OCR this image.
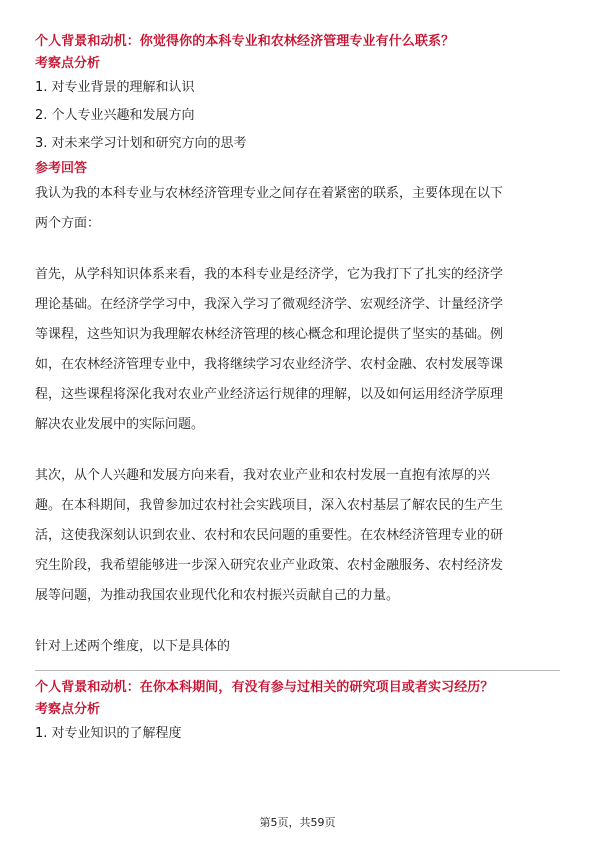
个人背景和动机：你觉得你的本科专业和农林经济管理专业有什么联系？
考察点分析
1. 对专业背景的理解和认识
2. 个人专业兴趣和发展方向
3. 对未来学习计划和研究方向的思考
参考回答

我认为我的本科专业与农林经济管理专业之间存在着紧密的联系，主要体现在以下
两个方面：

首先，从学科知识体系来看，我的本科专业是经济学，它为我打下了扎实的经济学
理论基础。在经济学学习中，我深入学习了微观经济学、宏观经济学、计量经济学
等课程，这些知识为我理解农林经济管理的核心概念和理论提供了坚实的基础。例
如，在农林经济管理专业中，我将继续学习农业经济学、农村金融、农村发展等课
程，这些课程将深化我对农业产业经济运行规律的理解，以及如何运用经济学原理
解决农业发展中的实际问题。

其次，从个人兴趣和发展方向来看，我对农业产业和农村发展一直抱有浓厚的兴
趣。在本科期间，我曾参加过农村社会实践项目，深入农村基层了解农民的生产生
活，这使我深刻认识到农业、农村和农民问题的重要性。在农林经济管理专业的研
究生阶段，我希望能够进一步深入研究农业产业政策、农村金融服务、农村经济发
展等问题，为推动我国农业现代化和农村振兴贡献自己的力量。

针对上述两个维度，以下是具体的

个人背景和动机：在你本科期间，有没有参与过相关的研究项目或者实习经历？
考察点分析
1. 对专业知识的了解程度
第5页，共59页
